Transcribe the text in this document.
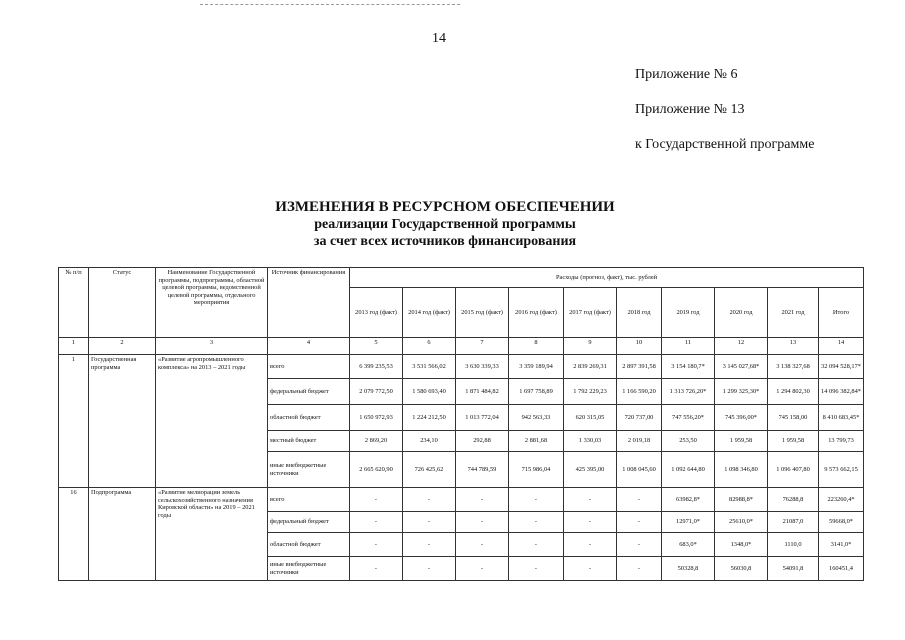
14
Приложение № 6
Приложение № 13
к Государственной программе
ИЗМЕНЕНИЯ В РЕСУРСНОМ ОБЕСПЕЧЕНИИ
реализации Государственной программы
за счет всех источников финансирования
№ п/п	Статус	Наименование Государственной программы, подпрограммы, областной целевой программы, ведомственной целевой программы, отдельного мероприятия	Источник финансирования	Расходы (прогноз, факт), тыс. рублей									
				2013 год (факт)	2014 год (факт)	2015 год (факт)	2016 год (факт)	2017 год (факт)	2018 год	2019 год	2020 год	2021 год	Итого
1	2	3	4	5	6	7	8	9	10	11	12	13	14
1	Государственная программа	«Развитие агропромышленного комплекса» на 2013 – 2021 годы	всего	6 399 235,53	3 531 566,02	3 630 339,33	3 359 189,94	2 839 269,31	2 897 391,58	3 154 180,7*	3 145 027,68*	3 138 327,68	32 094 528,17*
			федеральный бюджет	2 079 772,50	1 580 693,40	1 871 484,82	1 697 758,89	1 792 229,23	1 166 590,20	1 313 726,20*	1 299 325,30*	1 294 802,30	14 096 382,84*
			областной бюджет	1 650 972,93	1 224 212,50	1 013 772,04	942 563,33	620 315,05	720 737,00	747 556,20*	745 396,00*	745 158,00	8 410 683,45*
			местный бюджет	2 869,20	234,10	292,88	2 881,68	1 330,03	2 019,18	253,50	1 959,58	1 959,58	13 799,73
			иные внебюджетные источники	2 665 620,90	726 425,62	744 789,59	715 986,04	425 395,00	1 008 045,60	1 092 644,80	1 098 346,80	1 096 407,80	9 573 662,15
16	Подпрограмма	«Развитие мелиорации земель сельскохозяйственного назначения Кировской области» на 2019 – 2021 годы	всего	-	-	-	-	-	-	63982,8*	82988,8*	76288,8	223260,4*
			федеральный бюджет	-	-	-	-	-	-	12971,0*	25610,0*	21087,0	59668,0*
			областной бюджет	-	-	-	-	-	-	683,0*	1348,0*	1110,0	3141,0*
			иные внебюджетные источники	-	-	-	-	-	-	50328,8	56030,8	54091,8	160451,4
